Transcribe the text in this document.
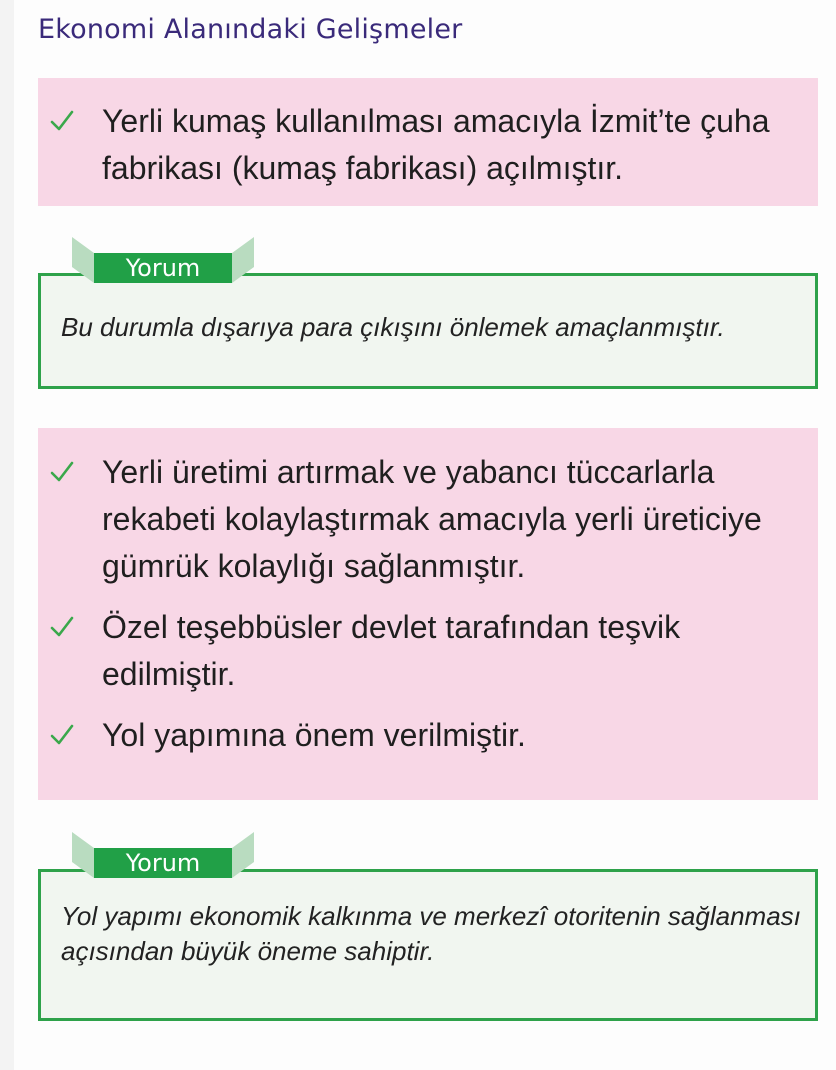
Ekonomi Alanındaki Gelişmeler
Yerli kumaş kullanılması amacıyla İzmit’te çuha fabrikası (kumaş fabrikası) açılmıştır.
Bu durumla dışarıya para çıkışını önlemek amaçlanmıştır.
Yorum
Yerli üretimi artırmak ve yabancı tüccarlarla rekabeti kolaylaştırmak amacıyla yerli üreticiye gümrük kolaylığı sağlanmıştır.
Özel teşebbüsler devlet tarafından teşvik edilmiştir.
Yol yapımına önem verilmiştir.
Yol yapımı ekonomik kalkınma ve merkezî otoritenin sağlanması açısından büyük öneme sahiptir.
Yorum
